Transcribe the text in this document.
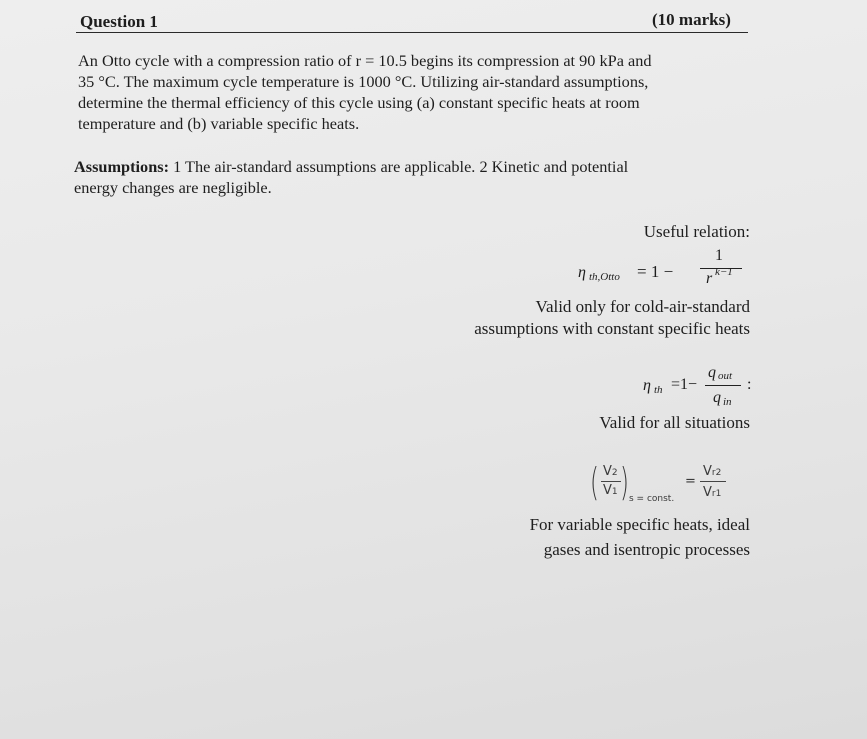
Question 1	(10 marks)
An Otto cycle with a compression ratio of r = 10.5 begins its compression at 90 kPa and
35 °C. The maximum cycle temperature is 1000 °C. Utilizing air-standard assumptions,
determine the thermal efficiency of this cycle using (a) constant specific heats at room
temperature and (b) variable specific heats.
Assumptions: 1 The air-standard assumptions are applicable. 2 Kinetic and potential
energy changes are negligible.
Useful relation:
η th,Otto = 1 −
1
r k−1
Valid only for cold-air-standard
assumptions with constant specific heats
η th =1−
q out
q in
:
Valid for all situations
( V2
V1 ) s = const.
=
Vr2
Vr1
For variable specific heats, ideal
gases and isentropic processes
